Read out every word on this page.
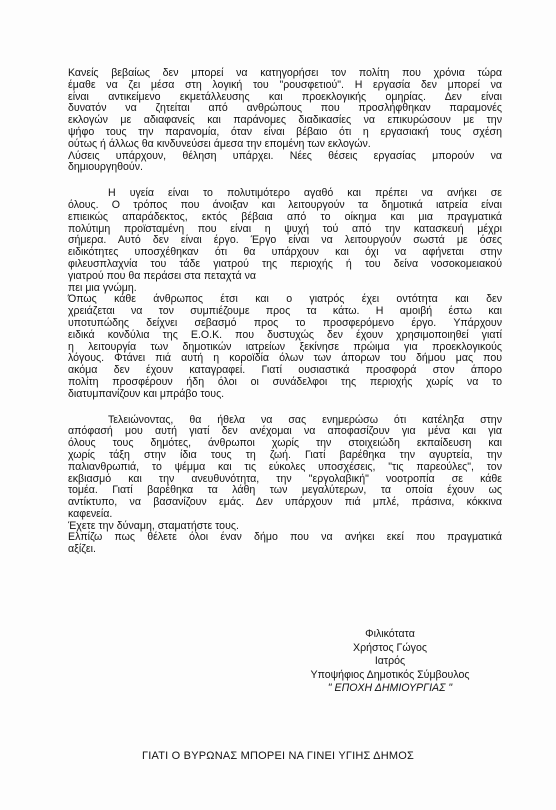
Κανείς βεβαίως δεν μπορεί να κατηγορήσει τον πολίτη που χρόνια τώρα
έμαθε να ζει μέσα στη λογική του "ρουσφετιού". Η εργασία δεν μπορεί να
είναι αντικείμενο εκμετάλλευσης και προεκλογικής ομηρίας. Δεν είναι
δυνατόν να ζητείται από ανθρώπους που προσλήφθηκαν παραμονές
εκλογών με αδιαφανείς και παράνομες διαδικασίες να επικυρώσουν με την
ψήφο τους την παρανομία, όταν είναι βέβαιο ότι η εργασιακή τους σχέση
ούτως ή άλλως θα κινδυνεύσει άμεσα την επομένη των εκλογών.
Λύσεις υπάρχουν, θέληση υπάρχει. Νέες θέσεις εργασίας μπορούν να
δημιουργηθούν.
Η υγεία είναι το πολυτιμότερο αγαθό και πρέπει να ανήκει σε
όλους. Ο τρόπος που άνοιξαν και λειτουργούν τα δημοτικά ιατρεία είναι
επιεικώς απαράδεκτος, εκτός βέβαια από το οίκημα και μια πραγματικά
πολύτιμη προϊσταμένη που είναι η ψυχή τού από την κατασκευή μέχρι
σήμερα. Αυτό δεν είναι έργο. Έργο είναι να λειτουργούν σωστά με όσες
ειδικότητες υποσχέθηκαν ότι θα υπάρχουν και όχι να αφήνεται στην
φιλευσπλαχνία του τάδε γιατρού της περιοχής ή του δείνα νοσοκομειακού
γιατρού που θα περάσει στα πεταχτά να
πει μια γνώμη.
Όπως κάθε άνθρωπος έτσι και ο γιατρός έχει οντότητα και δεν
χρειάζεται να τον συμπιέζουμε προς τα κάτω. Η αμοιβή έστω και
υποτυπώδης δείχνει σεβασμό προς το προσφερόμενο έργο. Υπάρχουν
ειδικά κονδύλια της Ε.Ο.Κ. που δυστυχώς δεν έχουν χρησιμοποιηθεί γιατί
η λειτουργία των δημοτικών ιατρείων ξεκίνησε πρώιμα για προεκλογικούς
λόγους. Φτάνει πιά αυτή η κοροϊδία όλων των άπορων του δήμου μας που
ακόμα δεν έχουν καταγραφεί. Γιατί ουσιαστικά προσφορά στον άπορο
πολίτη προσφέρουν ήδη όλοι οι συνάδελφοι της περιοχής χωρίς να το
διατυμπανίζουν και μπράβο τους.
Τελειώνοντας, θα ήθελα να σας ενημερώσω ότι κατέληξα στην
απόφασή μου αυτή γιατί δεν ανέχομαι να αποφασίζουν για μένα και για
όλους τους δημότες, άνθρωποι χωρίς την στοιχειώδη εκπαίδευση και
χωρίς τάξη στην ίδια τους τη ζωή. Γιατί βαρέθηκα την αγυρτεία, την
παλιανθρωπιά, το ψέμμα και τις εύκολες υποσχέσεις, "τις παρεούλες", τον
εκβιασμό και την ανευθυνότητα, την "εργολαβική" νοοτροπία σε κάθε
τομέα. Γιατί βαρέθηκα τα λάθη των μεγαλύτερων, τα οποία έχουν ως
αντίκτυπο, να βασανίζουν εμάς. Δεν υπάρχουν πιά μπλέ, πράσινα, κόκκινα
καφενεία.
Έχετε την δύναμη, σταματήστε τους.
Ελπίζω πως θέλετε όλοι έναν δήμο που να ανήκει εκεί που πραγματικά
αξίζει.
Φιλικότατα
Χρήστος Γώγος
Ιατρός
Υποψήφιος Δημοτικός Σύμβουλος
" ΕΠΟΧΗ ΔΗΜΙΟΥΡΓΙΑΣ "
ΓΙΑΤΙ Ο ΒΥΡΩΝΑΣ ΜΠΟΡΕΙ ΝΑ ΓΙΝΕΙ ΥΓΙΗΣ ΔΗΜΟΣ
